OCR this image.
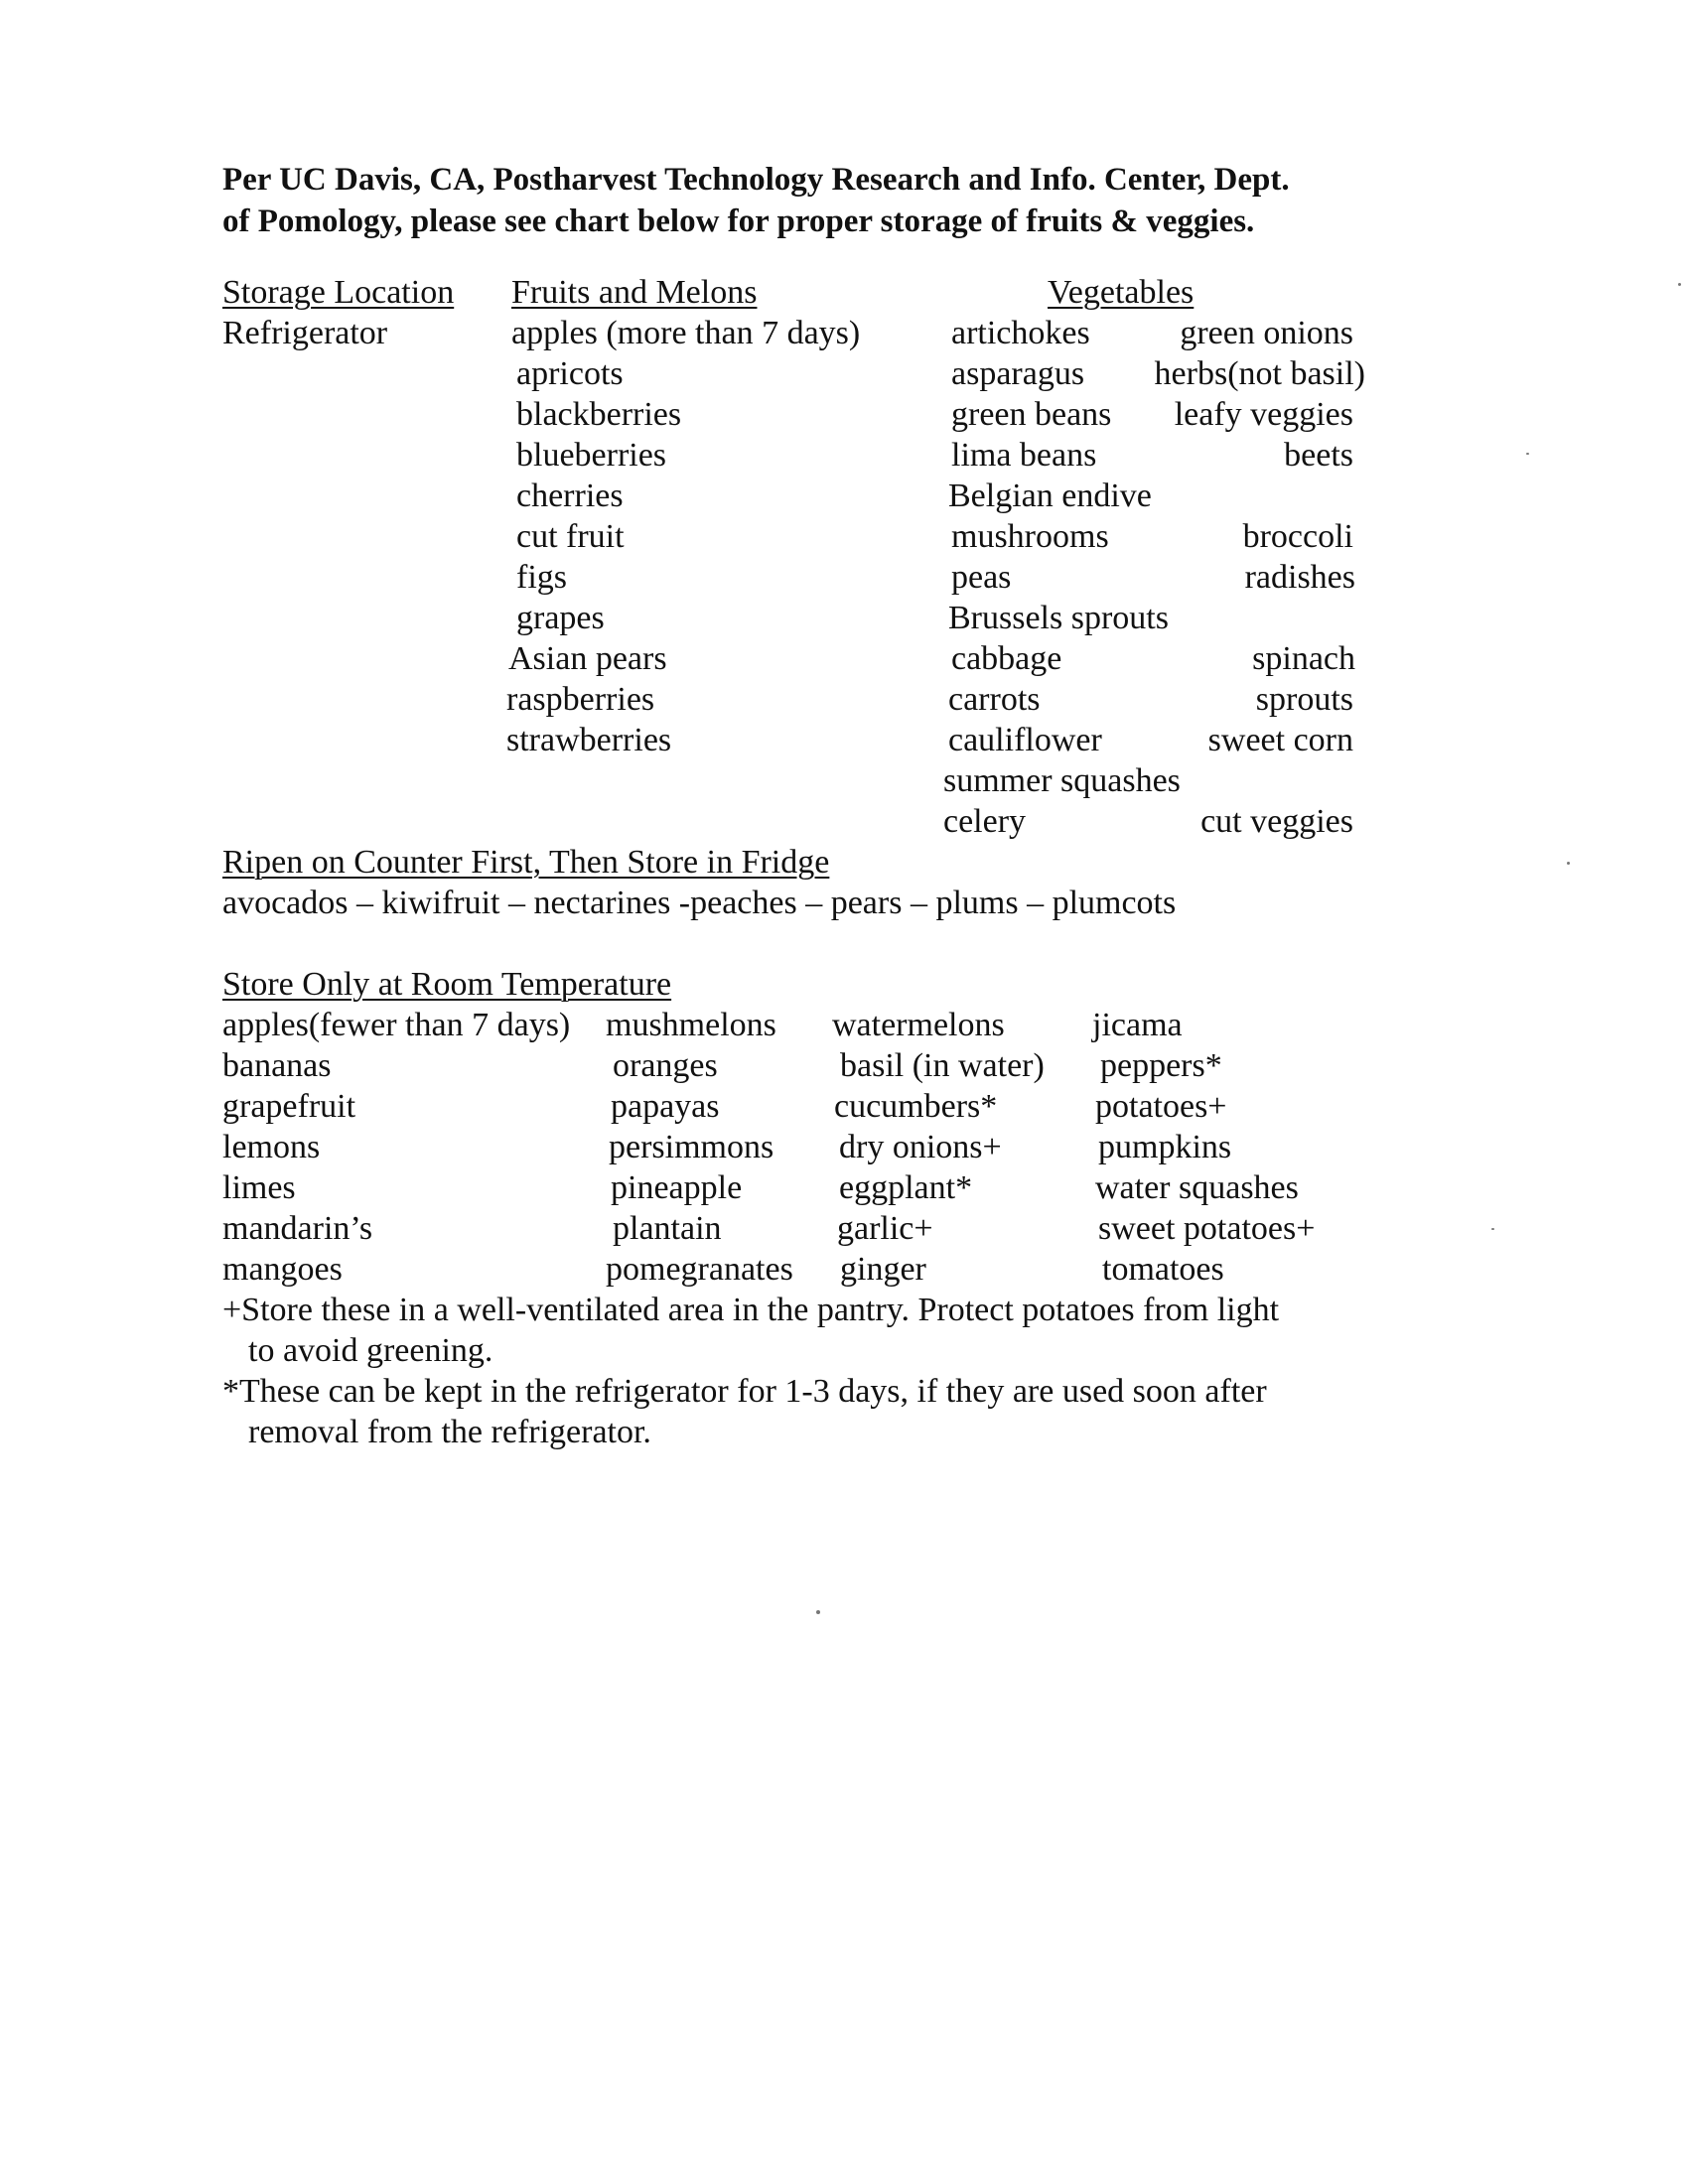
Per UC Davis, CA, Postharvest Technology Research and Info. Center, Dept.
of Pomology, please see chart below for proper storage of fruits & veggies.
Storage Location Fruits and Melons	Vegetables
Refrigerator	apples (more than 7 days)
apricots
blackberries
blueberries
cherries
cut fruit
figs
grapes
Asian pears
raspberries
strawberries
artichokes
asparagus
green beans
lima beans
Belgian endive
mushrooms
peas
Brussels sprouts
cabbage
carrots
cauliflower
summer squashes
celery
green onions
herbs(not basil)
leafy veggies
beets
broccoli
radishes
spinach
sprouts
sweet corn
cut veggies
Ripen on Counter First, Then Store in Fridge
avocados – kiwifruit – nectarines -peaches – pears – plums – plumcots
Store Only at Room Temperature
apples(fewer than 7 days)
bananas
grapefruit
lemons
limes
mandarin’s
mangoes
mushmelons
oranges
papayas
persimmons
pineapple
plantain
pomegranates
watermelons
basil (in water)
cucumbers*
dry onions+
eggplant*
garlic+
ginger
jicama
peppers*
potatoes+
pumpkins
water squashes
sweet potatoes+
tomatoes
+Store these in a well-ventilated area in the pantry. Protect potatoes from light
to avoid greening.
*These can be kept in the refrigerator for 1-3 days, if they are used soon after
removal from the refrigerator.
